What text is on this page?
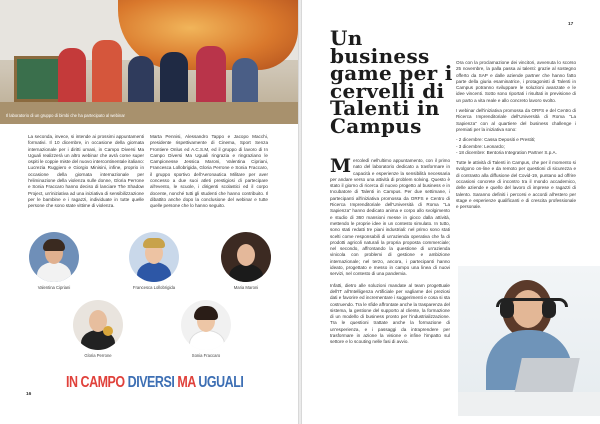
Il laboratorio di un gruppo di bimbi che ha partecipato al webinar

La seconda, invece, si intende ai prossimi appuntamenti formativi. Il 10 dicembre, in occasione della giornata internazionale per i diritti umani, in Campo Diversi Ma Uguali realizzerà un altro webinar che avrà come super ospiti le coppie miste del nuovo intercontinentale italiano: Lucrezia Ruggiero e Giorgio Minisini, infine, proprio in occasione della giornata internazionale per l'eliminazione della violenza sulle donne, Gloria Perrone e Sonia Fraccaro hanno deciso di lanciare The Shadow Project, un'iniziativa ad una iniziativa di sensibilizzazione per le bambine e i ragazzi, individuate in tutte quelle persone che sono state vittime di violenza.

Marta Pennisi, Alessandro Tappo e Jacopo Macchi, presidente rispettivamente di Cinema, Sport Senza Frontiere Onlus ed A.C.S.M, ed il gruppo di lavoro di In Campo Diversi Ma Uguali ringrazia e ringraziano le Campionesse Jessica Maroni, Valentina Cipriani, Francesca Lollobrigida, Gloria Perrone e Sonia Fraccaro, il gruppo sportivo dell'Aeronautica Militare per aver concesso a due suoi atleti prestigiosi di partecipare all'evento, le scuole, i dirigenti scolastici ed il corpo docente, nonché tutti gli studenti che hanno contribuito. Il dibattito anche dopo la conclusione del webinar e tutte quelle persone che lo hanno seguito.

Valentina Cipriani	Francesca Lollobrigida	Maria Maroni
Gloria Perrone	Sonia Fraccaro
IN CAMPO DIVERSI MA UGUALI
16
17
Un
business
game per i
cervelli di
Talenti in
Campus

Mercoledì nell'ultimo appuntamento, con il primo nato del laboratorio dedicato a trasformare in capacità e esperienze la sensibilità necessaria per andare verso una attività di problem solving. Questo è stato il giorno di ricerca di nuovo progetto al business e in Incubatore di Talenti in Campus. Per due settimane, i partecipanti all'iniziativa promossa da ORFS e Centro di Ricerca Imprenditoriale dell'Università di Roma "La Sapienza" hanno dedicato anima e corpo allo svolgimento e studio di 360 mansioni messe in gioco dalla attività, mettendo le proprie idee in un contesto simulato. In tutto, sono stati redatti tre piani industriali: nel primo sono stati scelti come responsabili di un'azienda operativa che fa di prodotti agricoli naturali la propria proposta commerciale; nel secondo, affrontando la questione di un'azienda vinicola con problemi di gestione e ambizione internazionale; nel terzo, ancora, i partecipanti hanno ideato, progettato e messo in campo una linea di nuovi servizi, nel contesto di una pandemia.

Infatti, dietro alle soluzioni mandate al team progettuale dell'IT all'Intelligenza Artificiale per vagliarne dei preziosi dati e favorire ed incrementare i suggerimenti e cosa si sta costruendo. Tra le sfide affrontate anche la trasparenza del sistema, la gestione del supporto al cliente, la formazione di un modello di business pronto per l'industrializzazione. Tra le questioni trattate anche la formazione di un'esperienza, e i passaggi da intraprendere per trasformare in azione la visione e infine l'impatto sul settore e lo scouting nelle fasi di avvio.

Ora con la proclamazione dei vincitori, avvenuta lo scorso 25 novembre, la palla passa ai talenti: grazie al sostegno offerto da SAP e dalle aziende partner che hanno fatto parte della giuria esaminatrice, i protagonisti di Talenti in Campus potranno sviluppare le soluzioni avanzate e le idee vincenti. Sotto sono riportati i risultati in previsione di un parto a vita reale e allo concreto lavoro svolto.

I webinar dell'iniziativa promossa da ORFS e del Centro di Ricerca Imprenditoriale dell'Università di Roma "La Sapienza" con al quartiere del business challenge i premiati per la iniziativa sono:

- 2 dicembre: Cassa Depositi e Prestiti;

- 3 dicembre: Leonardo;

- 18 dicembre: Bentoria Integration Partner S.p.A.

Tutte le attività di Talenti in Campus, che per il momento si svolgono on-line e da remoto per questioni di sicurezza e di contrasto alla diffusione del Covid-19, puntano ad offrire occasioni concrete di incontro tra il mondo accademico, delle aziende e quello del lavoro di imprese e ragazzi di talento. Saranno definiti i percorsi e accordi all'estero per stage e esperienze qualificanti e di crescita professionale e personale.
